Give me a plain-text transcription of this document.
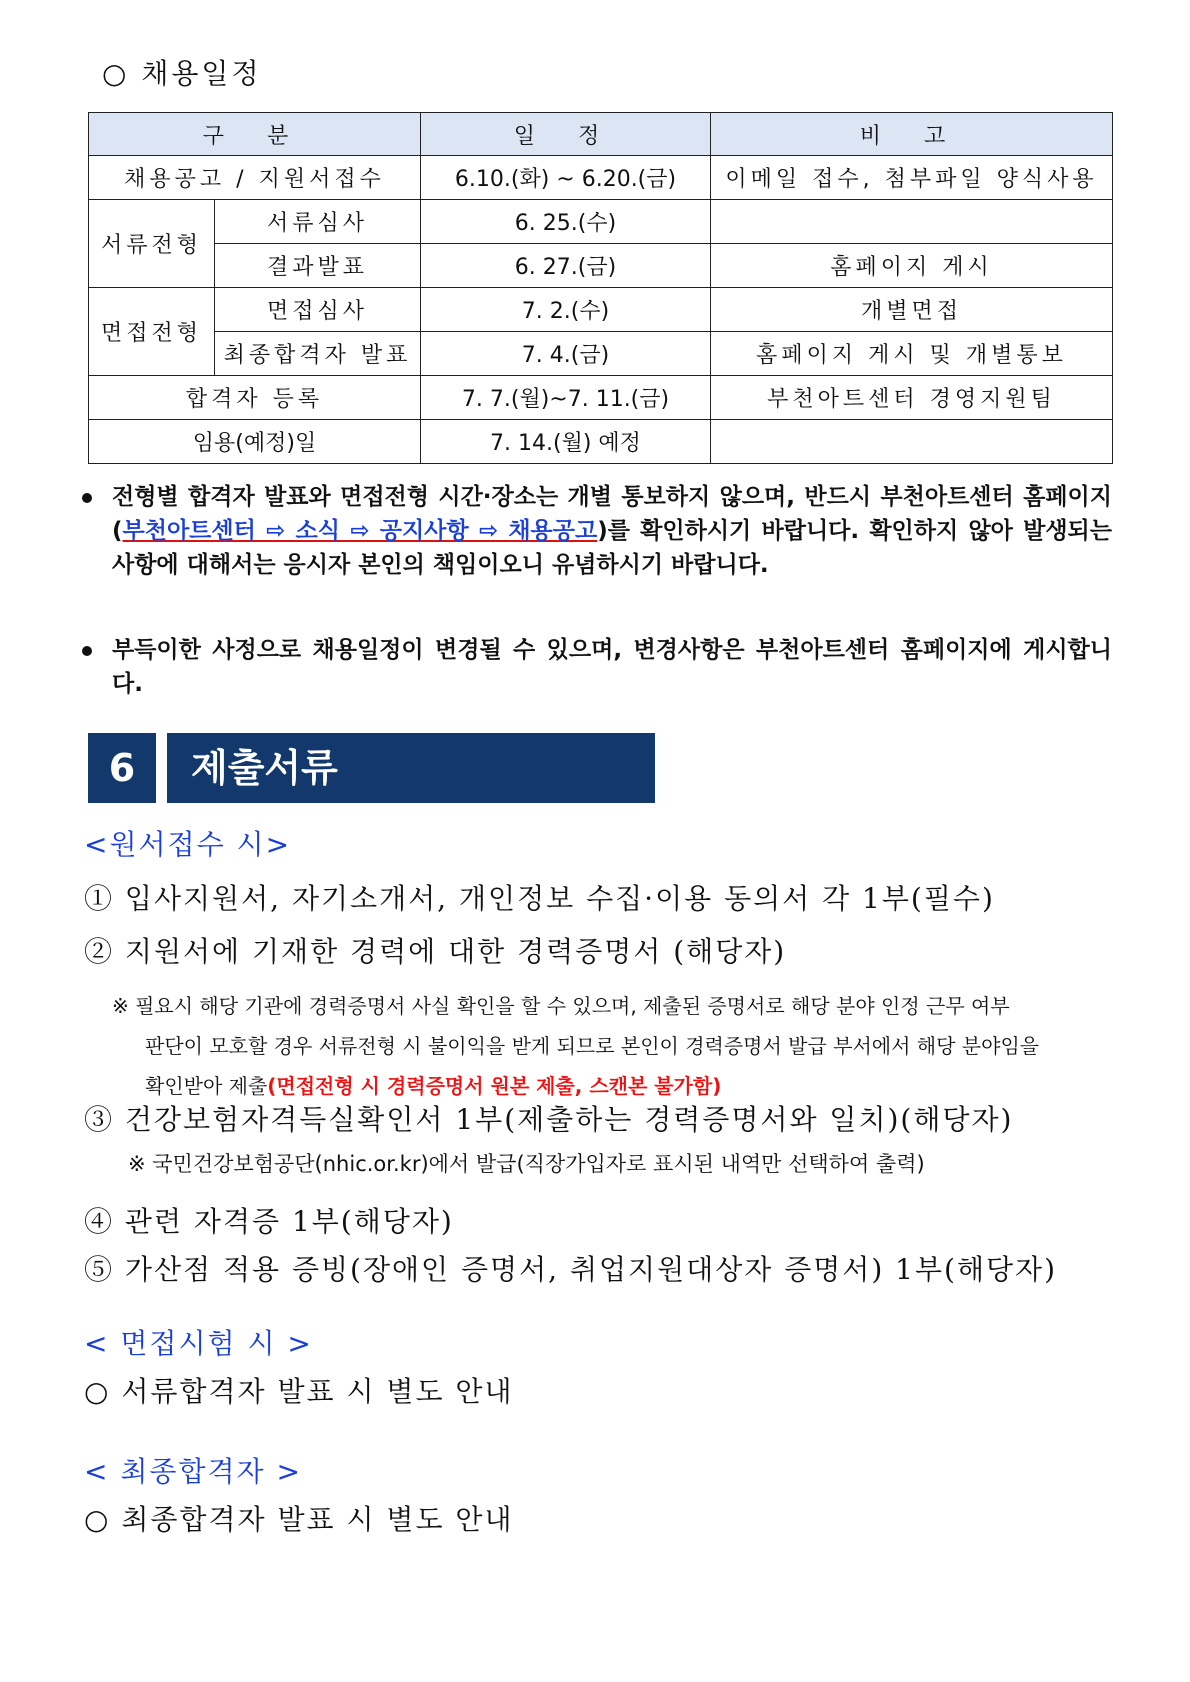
○ 채용일정
구 분		일 정	비 고
채용공고 / 지원서접수		6.10.(화) ~ 6.20.(금)	이메일 접수, 첨부파일 양식사용
서류전형	서류심사	6. 25.(수)	
	결과발표	6. 27.(금)	홈페이지 게시
면접전형	면접심사	7. 2.(수)	개별면접
	최종합격자 발표	7. 4.(금)	홈페이지 게시 및 개별통보
합격자 등록		7. 7.(월)~7. 11.(금)	부천아트센터 경영지원팀
임용(예정)일		7. 14.(월) 예정	
전형별 합격자 발표와 면접전형 시간·장소는 개별 통보하지 않으며, 반드시 부천아트센터 홈페이지(부천아트센터 ⇨ 소식 ⇨ 공지사항 ⇨ 채용공고)를 확인하시기 바랍니다. 확인하지 않아 발생되는 사항에 대해서는 응시자 본인의 책임이오니 유념하시기 바랍니다.
부득이한 사정으로 채용일정이 변경될 수 있으며, 변경사항은 부천아트센터 홈페이지에 게시합니다.
6	제출서류
<원서접수 시>
① 입사지원서, 자기소개서, 개인정보 수집·이용 동의서 각 1부(필수)
② 지원서에 기재한 경력에 대한 경력증명서 (해당자)
※ 필요시 해당 기관에 경력증명서 사실 확인을 할 수 있으며, 제출된 증명서로 해당 분야 인정 근무 여부
판단이 모호할 경우 서류전형 시 불이익을 받게 되므로 본인이 경력증명서 발급 부서에서 해당 분야임을
확인받아 제출(면접전형 시 경력증명서 원본 제출, 스캔본 불가함)
③ 건강보험자격득실확인서 1부(제출하는 경력증명서와 일치)(해당자)
※ 국민건강보험공단(nhic.or.kr)에서 발급(직장가입자로 표시된 내역만 선택하여 출력)
④ 관련 자격증 1부(해당자)
⑤ 가산점 적용 증빙(장애인 증명서, 취업지원대상자 증명서) 1부(해당자)
< 면접시험 시 >
○ 서류합격자 발표 시 별도 안내
< 최종합격자 >
○ 최종합격자 발표 시 별도 안내
